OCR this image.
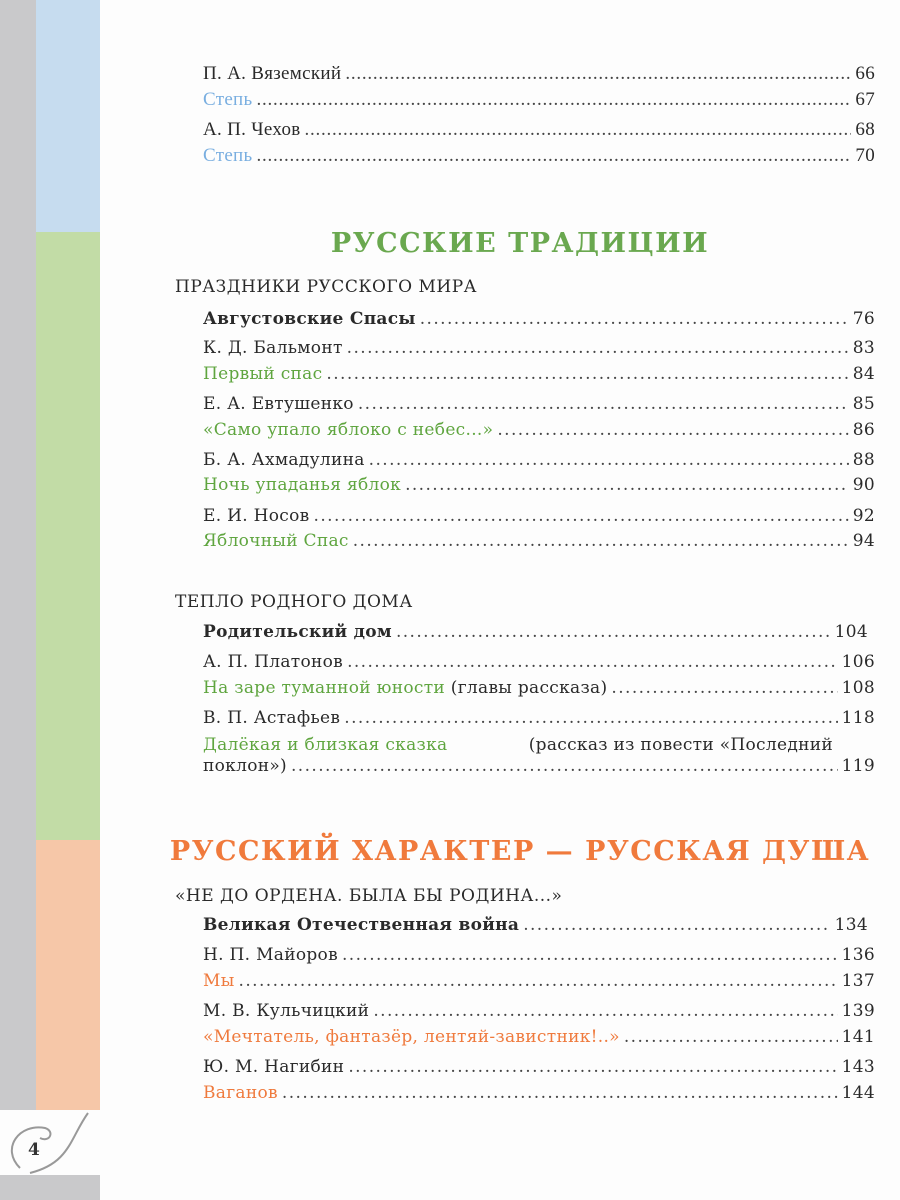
4
П. А. Вяземский . . .	66
Степь . . .	67
А. П. Чехов . . .	68
Степь . . .	70
РУССКИЕ ТРАДИЦИИ
ПРАЗДНИКИ РУССКОГО МИРА
Августовские Спасы . . .	76
К. Д. Бальмонт . . .	83
Первый спас . . .	84
Е. А. Евтушенко . . .	85
«Само упало яблоко с небес...» . . .	86
Б. А. Ахмадулина . . .	88
Ночь упаданья яблок . . .	90
Е. И. Носов . . .	92
Яблочный Спас . . .	94
ТЕПЛО РОДНОГО ДОМА
Родительский дом . . .	104
А. П. Платонов . . .	106
На заре туманной юности (главы рассказа) . . .	108
В. П. Астафьев . . .	118
Далёкая и близкая сказка	(рассказ из повести «Последний
поклон») . . .	119
РУССКИЙ ХАРАКТЕР — РУССКАЯ ДУША
«НЕ ДО ОРДЕНА. БЫЛА БЫ РОДИНА...»
Великая Отечественная война . . .	134
Н. П. Майоров . . .	136
Мы . . .	137
М. В. Кульчицкий . . .	139
«Мечтатель, фантазёр, лентяй-завистник!..» . . .	141
Ю. М. Нагибин . . .	143
Ваганов . . .	144
